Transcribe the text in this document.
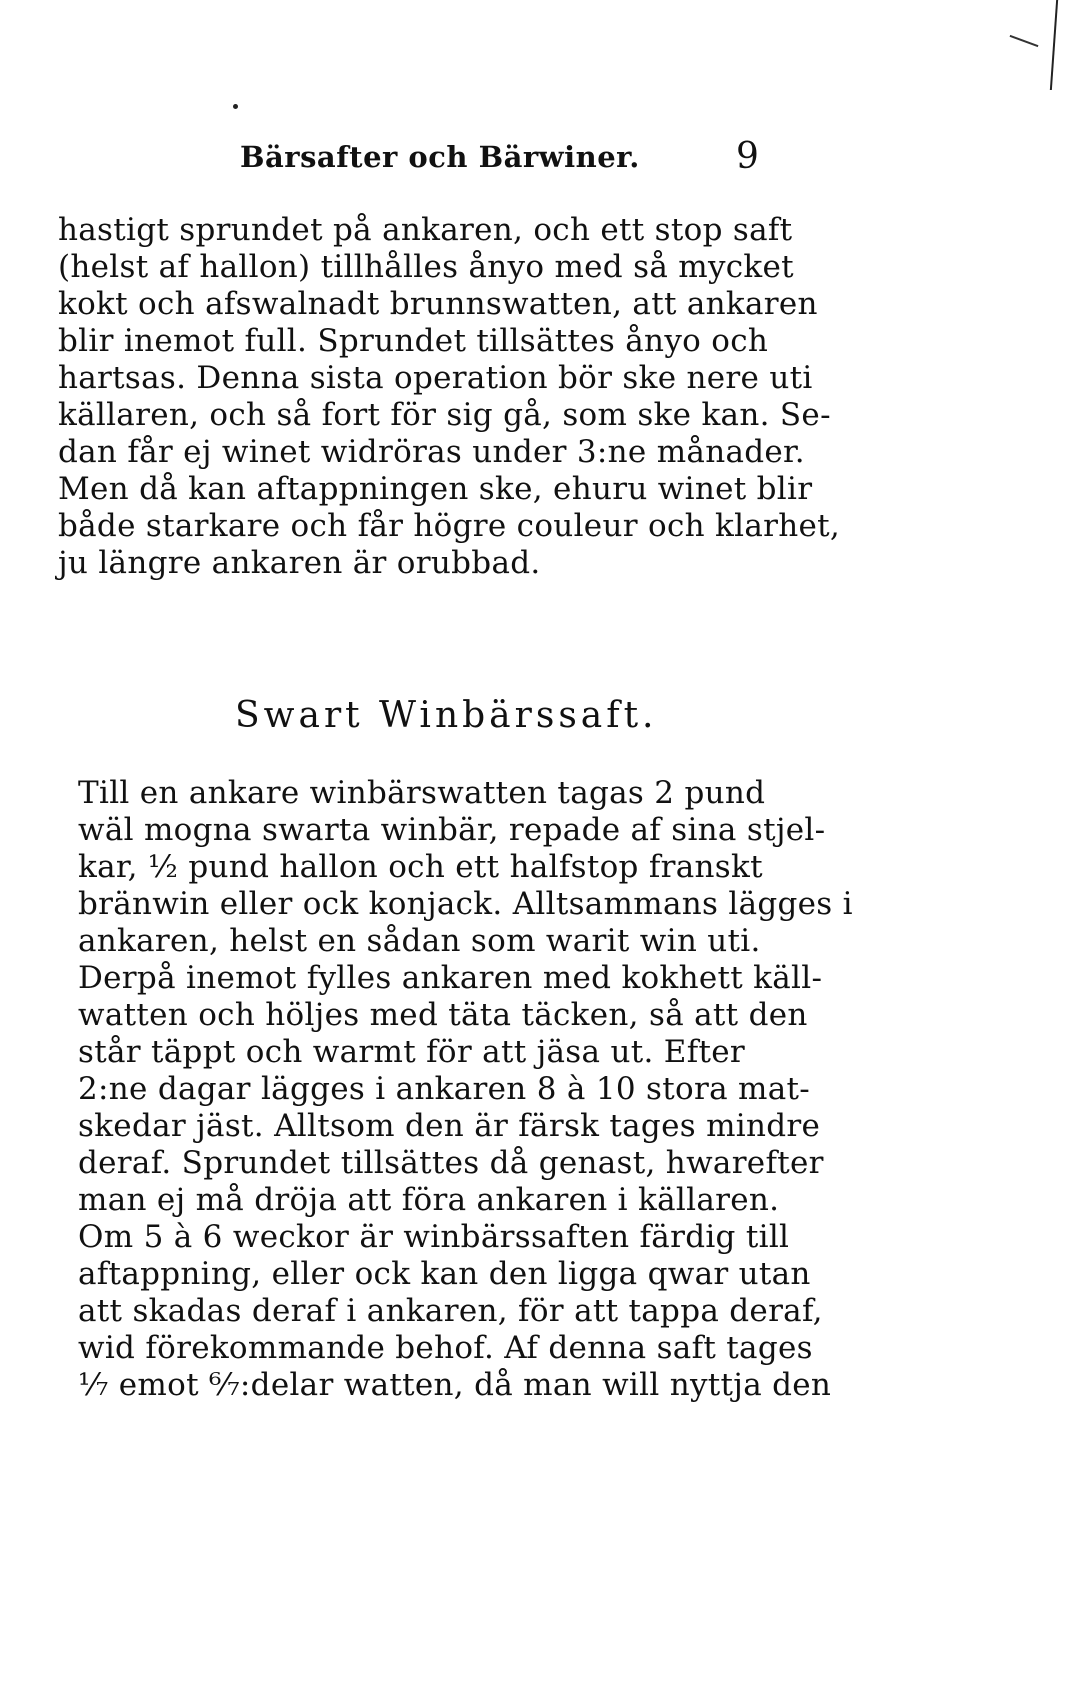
Bärsafter och Bärwiner.	9
hastigt sprundet på ankaren, och ett stop saft
(helst af hallon) tillhålles ånyo med så mycket
kokt och afswalnadt brunnswatten, att ankaren
blir inemot full. Sprundet tillsättes ånyo och
hartsas. Denna sista operation bör ske nere uti
källaren, och så fort för sig gå, som ske kan. Se-
dan får ej winet widröras under 3:ne månader.
Men då kan aftappningen ske, ehuru winet blir
både starkare och får högre couleur och klarhet,
ju längre ankaren är orubbad.
Swart Winbärssaft.
Till en ankare winbärswatten tagas 2 pund
wäl mogna swarta winbär, repade af sina stjel-
kar, ½ pund hallon och ett halfstop franskt
bränwin eller ock konjack. Alltsammans lägges i
ankaren, helst en sådan som warit win uti.
Derpå inemot fylles ankaren med kokhett käll-
watten och höljes med täta täcken, så att den
står täppt och warmt för att jäsa ut. Efter
2:ne dagar lägges i ankaren 8 à 10 stora mat-
skedar jäst. Alltsom den är färsk tages mindre
deraf. Sprundet tillsättes då genast, hwarefter
man ej må dröja att föra ankaren i källaren.
Om 5 à 6 weckor är winbärssaften färdig till
aftappning, eller ock kan den ligga qwar utan
att skadas deraf i ankaren, för att tappa deraf,
wid förekommande behof. Af denna saft tages
⅟₇ emot ⁶⁄₇:delar watten, då man will nyttja den
